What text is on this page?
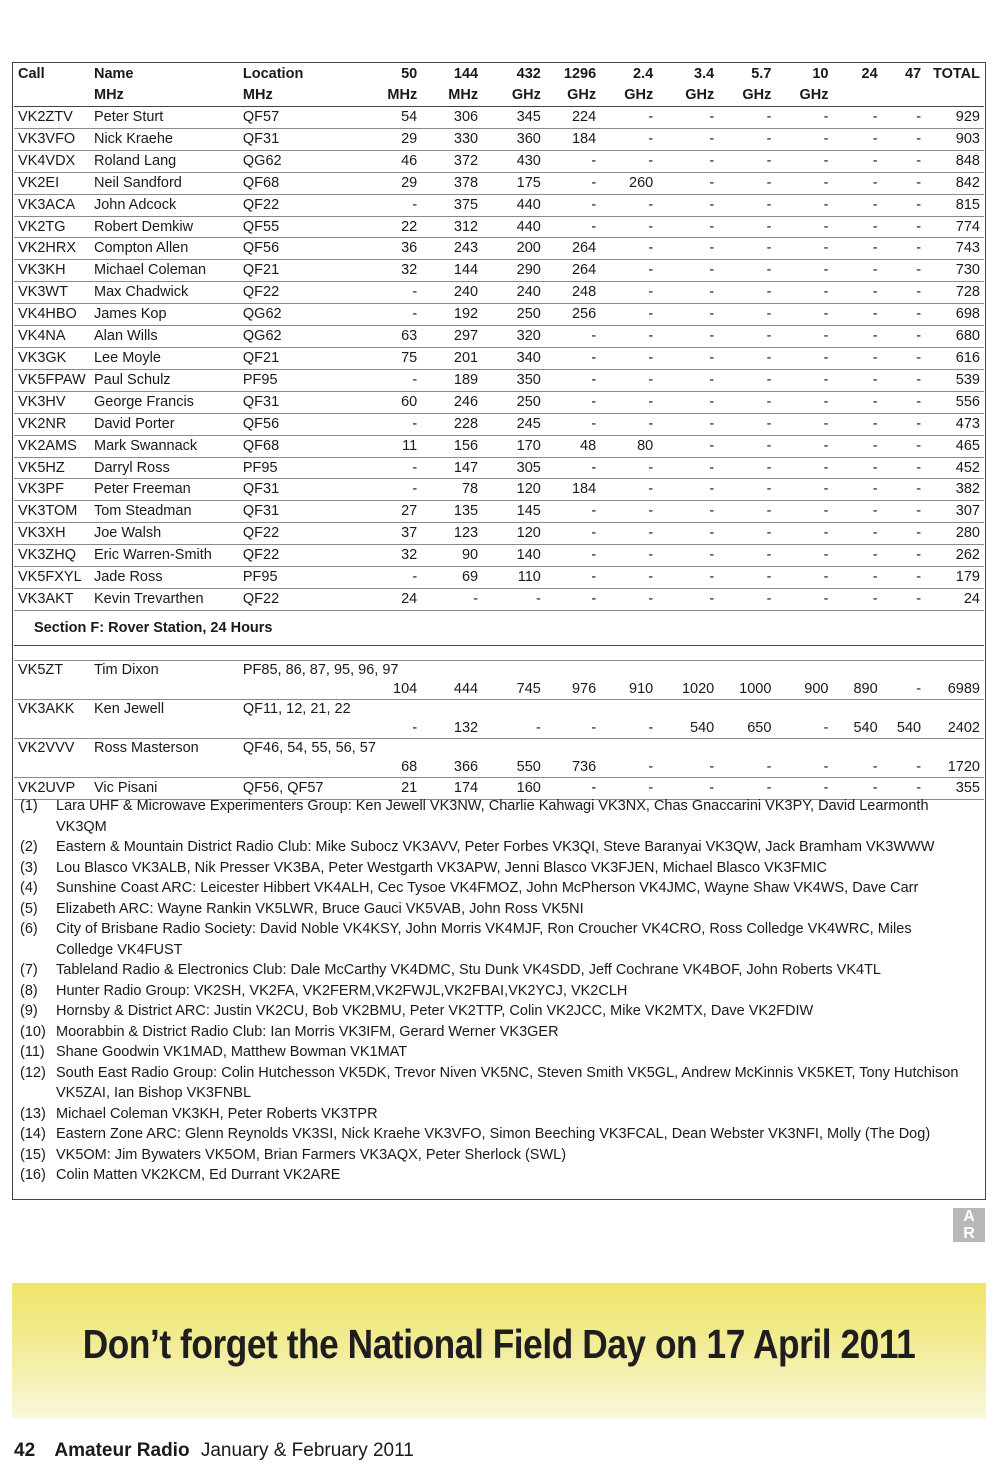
Call	Name	Location	50	144	432	1296	2.4	3.4	5.7	10	24	47	TOTAL
	MHz	MHz	MHz	MHz	GHz	GHz	GHz	GHz	GHz	GHz			
VK2ZTV	Peter Sturt	QF57	54	306	345	224	-	-	-	-	-	-	929
VK3VFO	Nick Kraehe	QF31	29	330	360	184	-	-	-	-	-	-	903
VK4VDX	Roland Lang	QG62	46	372	430	-	-	-	-	-	-	-	848
VK2EI	Neil Sandford	QF68	29	378	175	-	260	-	-	-	-	-	842
VK3ACA	John Adcock	QF22	-	375	440	-	-	-	-	-	-	-	815
VK2TG	Robert Demkiw	QF55	22	312	440	-	-	-	-	-	-	-	774
VK2HRX	Compton Allen	QF56	36	243	200	264	-	-	-	-	-	-	743
VK3KH	Michael Coleman	QF21	32	144	290	264	-	-	-	-	-	-	730
VK3WT	Max Chadwick	QF22	-	240	240	248	-	-	-	-	-	-	728
VK4HBO	James Kop	QG62	-	192	250	256	-	-	-	-	-	-	698
VK4NA	Alan Wills	QG62	63	297	320	-	-	-	-	-	-	-	680
VK3GK	Lee Moyle	QF21	75	201	340	-	-	-	-	-	-	-	616
VK5FPAW	Paul Schulz	PF95	-	189	350	-	-	-	-	-	-	-	539
VK3HV	George Francis	QF31	60	246	250	-	-	-	-	-	-	-	556
VK2NR	David Porter	QF56	-	228	245	-	-	-	-	-	-	-	473
VK2AMS	Mark Swannack	QF68	11	156	170	48	80	-	-	-	-	-	465
VK5HZ	Darryl Ross	PF95	-	147	305	-	-	-	-	-	-	-	452
VK3PF	Peter Freeman	QF31	-	78	120	184	-	-	-	-	-	-	382
VK3TOM	Tom Steadman	QF31	27	135	145	-	-	-	-	-	-	-	307
VK3XH	Joe Walsh	QF22	37	123	120	-	-	-	-	-	-	-	280
VK3ZHQ	Eric Warren-Smith	QF22	32	90	140	-	-	-	-	-	-	-	262
VK5FXYL	Jade Ross	PF95	-	69	110	-	-	-	-	-	-	-	179
VK3AKT	Kevin Trevarthen	QF22	24	-	-	-	-	-	-	-	-	-	24
Section F: Rover Station, 24 Hours													

VK5ZT	Tim Dixon	PF85, 86, 87, 95, 96, 97											
			104	444	745	976	910	1020	1000	900	890	-	6989
VK3AKK	Ken Jewell	QF11, 12, 21, 22											
			-	132	-	-	-	540	650	-	540	540	2402
VK2VVV	Ross Masterson	QF46, 54, 55, 56, 57											
			68	366	550	736	-	-	-	-	-	-	1720
VK2UVP	Vic Pisani	QF56, QF57	21	174	160	-	-	-	-	-	-	-	355
(1)	Lara UHF & Microwave Experimenters Group: Ken Jewell VK3NW, Charlie Kahwagi VK3NX, Chas Gnaccarini VK3PY, David Learmonth VK3QM
(2)	Eastern & Mountain District Radio Club: Mike Subocz VK3AVV, Peter Forbes VK3QI, Steve Baranyai VK3QW, Jack Bramham VK3WWW
(3)	Lou Blasco VK3ALB, Nik Presser VK3BA, Peter Westgarth VK3APW, Jenni Blasco VK3FJEN, Michael Blasco VK3FMIC
(4)	Sunshine Coast ARC: Leicester Hibbert VK4ALH, Cec Tysoe VK4FMOZ, John McPherson VK4JMC, Wayne Shaw VK4WS, Dave Carr
(5)	Elizabeth ARC: Wayne Rankin VK5LWR, Bruce Gauci VK5VAB, John Ross VK5NI
(6)	City of Brisbane Radio Society: David Noble VK4KSY, John Morris VK4MJF, Ron Croucher VK4CRO, Ross Colledge VK4WRC, Miles Colledge VK4FUST
(7)	Tableland Radio & Electronics Club: Dale McCarthy VK4DMC, Stu Dunk VK4SDD, Jeff Cochrane VK4BOF, John Roberts VK4TL
(8)	Hunter Radio Group: VK2SH, VK2FA, VK2FERM,VK2FWJL,VK2FBAI,VK2YCJ, VK2CLH
(9)	Hornsby & District ARC: Justin VK2CU, Bob VK2BMU, Peter VK2TTP, Colin VK2JCC, Mike VK2MTX, Dave VK2FDIW
(10) Moorabbin & District Radio Club: Ian Morris VK3IFM, Gerard Werner VK3GER
(11) Shane Goodwin VK1MAD, Matthew Bowman VK1MAT
(12) South East Radio Group: Colin Hutchesson VK5DK, Trevor Niven VK5NC, Steven Smith VK5GL, Andrew McKinnis VK5KET, Tony Hutchison VK5ZAI, Ian Bishop VK3FNBL
(13) Michael Coleman VK3KH, Peter Roberts VK3TPR
(14) Eastern Zone ARC: Glenn Reynolds VK3SI, Nick Kraehe VK3VFO, Simon Beeching VK3FCAL, Dean Webster VK3NFI, Molly (The Dog)
(15) VK5OM: Jim Bywaters VK5OM, Brian Farmers VK3AQX, Peter Sherlock (SWL)
(16) Colin Matten VK2KCM, Ed Durrant VK2ARE
A
R
Don’t forget the National Field Day on 17 April 2011
42 Amateur Radio January & February 2011
